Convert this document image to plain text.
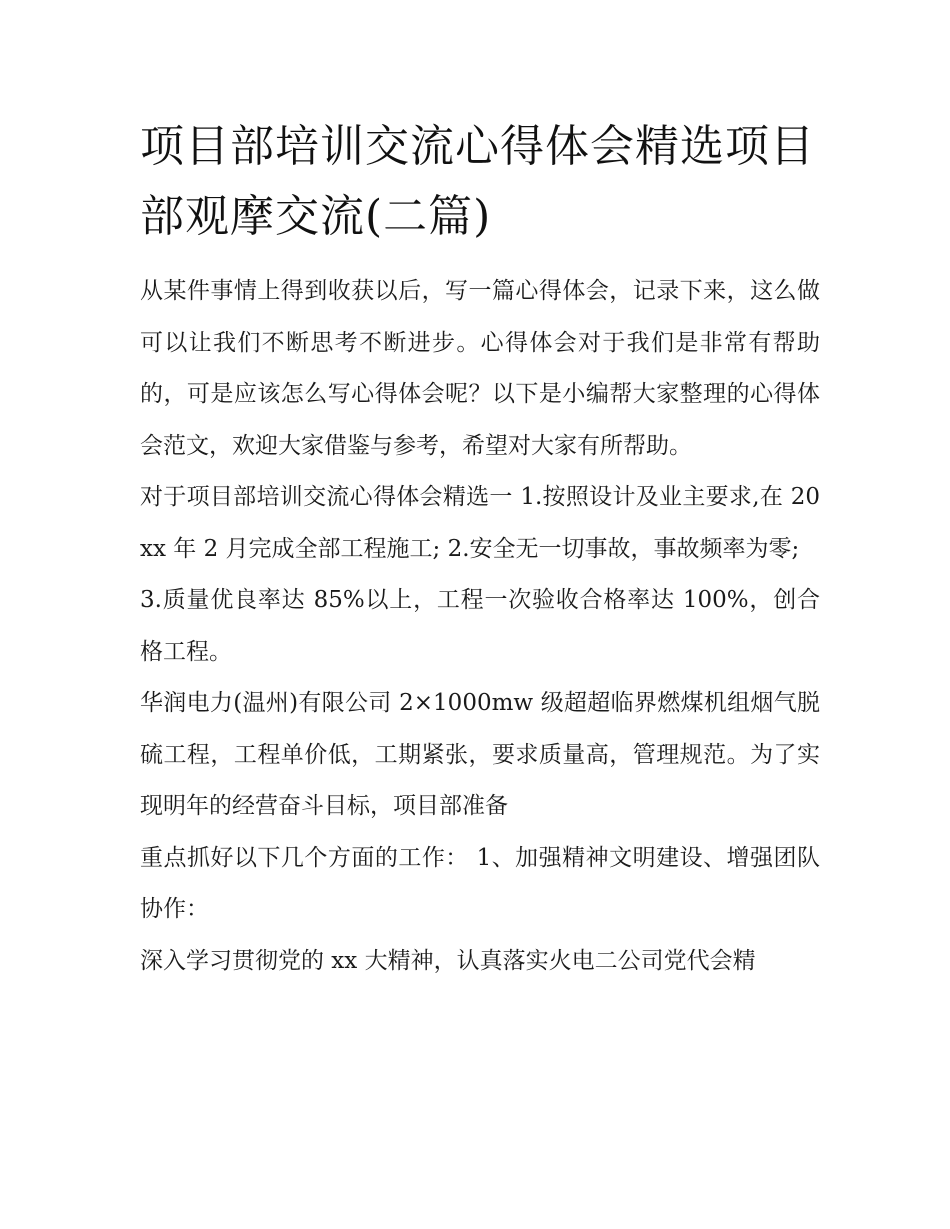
项目部培训交流心得体会精选项目部观摩交流(二篇)

从某件事情上得到收获以后，写一篇心得体会，记录下来，这么做可以让我们不断思考不断进步。心得体会对于我们是非常有帮助的，可是应该怎么写心得体会呢？以下是小编帮大家整理的心得体会范文，欢迎大家借鉴与参考，希望对大家有所帮助。

对于项目部培训交流心得体会精选一 1.按照设计及业主要求,在 20xx 年 2 月完成全部工程施工; 2.安全无一切事故，事故频率为零;

3.质量优良率达 85%以上，工程一次验收合格率达 100%，创合格工程。

华润电力(温州)有限公司 2×1000mw 级超超临界燃煤机组烟气脱硫工程，工程单价低，工期紧张，要求质量高，管理规范。为了实现明年的经营奋斗目标，项目部准备

重点抓好以下几个方面的工作： 1、加强精神文明建设、增强团队协作：

深入学习贯彻党的 xx 大精神，认真落实火电二公司党代会精
